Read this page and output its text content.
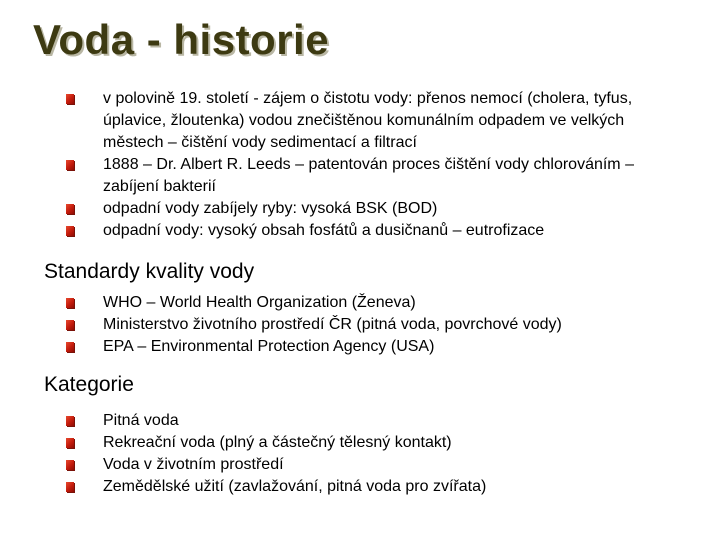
Voda - historie
v polovině 19. století - zájem o čistotu vody: přenos nemocí (cholera, tyfus, úplavice, žloutenka) vodou znečištěnou komunálním odpadem ve velkých městech – čištění vody sedimentací a filtrací
1888 – Dr. Albert R. Leeds – patentován proces čištění vody chlorováním – zabíjení bakterií
odpadní vody zabíjely ryby: vysoká BSK (BOD)
odpadní vody: vysoký obsah fosfátů a dusičnanů – eutrofizace
Standardy kvality vody
WHO – World Health Organization (Ženeva)
Ministerstvo životního prostředí ČR (pitná voda, povrchové vody)
EPA – Environmental Protection Agency (USA)
Kategorie
Pitná voda
Rekreační voda (plný a částečný tělesný kontakt)
Voda v životním prostředí
Zemědělské užití (zavlažování, pitná voda pro zvířata)
